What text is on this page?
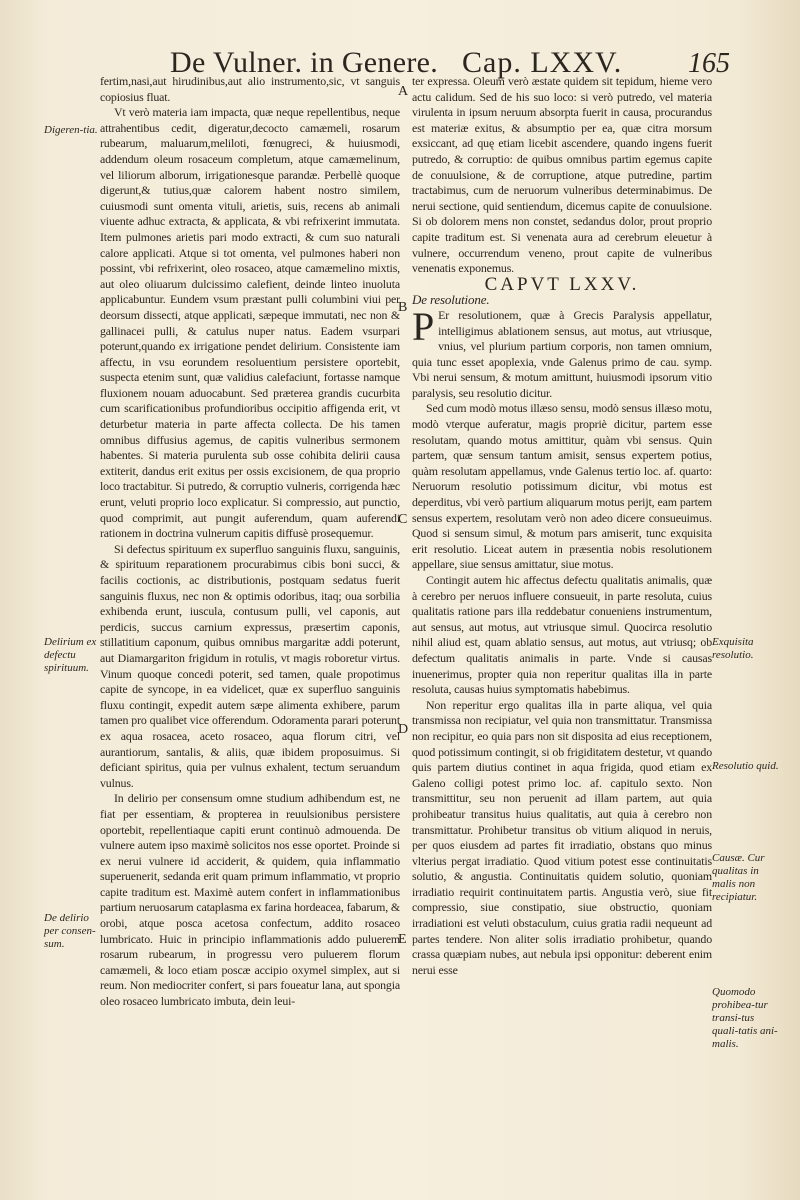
De Vulner. in Genere. Cap. LXXV. 165
A
B
C
D
E
Digeren-tia.
Delirium ex defectu spirituum.
De delirio per consen-sum.
Exquisita resolutio.
Resolutio quid.
Causæ. Cur qualitas in malis non recipiatur.
Quomodo prohibea-tur transi-tus quali-tatis ani-malis.

fertim,nasi,aut hirudinibus,aut alio instrumento,sic, vt sanguis copiosius fluat.

Vt verò materia iam impacta, quæ neque repellentibus, neque attrahentibus cedit, digeratur,decocto camæmeli, rosarum rubearum, maluarum,meliloti, fœnugreci, & huiusmodi, addendum oleum rosaceum completum, atque camæmelinum, vel liliorum alborum, irrigationesque parandæ. Perbellè quoque digerunt,& tutius,quæ calorem habent nostro similem, cuiusmodi sunt omenta vituli, arietis, suis, recens ab animali viuente adhuc extracta, & applicata, & vbi refrixerint immutata. Item pulmones arietis pari modo extracti, & cum suo naturali calore applicati. Atque si tot omenta, vel pulmones haberi non possint, vbi refrixerint, oleo rosaceo, atque camæmelino mixtis, aut oleo oliuarum dulcissimo calefient, deinde linteo inuoluta applicabuntur. Eundem vsum præstant pulli columbini viui per deorsum dissecti, atque applicati, sæpeque immutati, nec non & gallinacei pulli, & catulus nuper natus. Eadem vsurpari poterunt,quando ex irrigatione pendet delirium. Consistente iam affectu, in vsu eorundem resoluentium persistere oportebit, suspecta etenim sunt, quæ validius calefaciunt, fortasse namque fluxionem nouam aduocabunt. Sed præterea grandis cucurbita cum scarificationibus profundioribus occipitio affigenda erit, vt deturbetur materia in parte affecta collecta. De his tamen omnibus diffusius agemus, de capitis vulneribus sermonem habentes. Si materia purulenta sub osse cohibita delirii causa extiterit, dandus erit exitus per ossis excisionem, de qua proprio loco tractabitur. Si putredo, & corruptio vulneris, corrigenda hæc erunt, veluti proprio loco explicatur. Si compressio, aut punctio, quod comprimit, aut pungit auferendum, quam auferendi rationem in doctrina vulnerum capitis diffusè prosequemur.

Si defectus spirituum ex superfluo sanguinis fluxu, sanguinis, & spirituum reparationem procurabimus cibis boni succi, & facilis coctionis, ac distributionis, postquam sedatus fuerit sanguinis fluxus, nec non & optimis odoribus, itaq; oua sorbilia exhibenda erunt, iuscula, contusum pulli, vel caponis, aut perdicis, succus carnium expressus, præsertim caponis, stillatitium caponum, quibus omnibus margaritæ addi poterunt, aut Diamargariton frigidum in rotulis, vt magis roboretur virtus. Vinum quoque concedi poterit, sed tamen, quale propotimus capite de syncope, in ea videlicet, quæ ex superfluo sanguinis fluxu contingit, expedit autem sæpe alimenta exhibere, parum tamen pro qualibet vice offerendum. Odoramenta parari poterunt ex aqua rosacea, aceto rosaceo, aqua florum citri, vel aurantiorum, santalis, & aliis, quæ ibidem proposuimus. Si deficiant spiritus, quia per vulnus exhalent, tectum seruandum vulnus.

In delirio per consensum omne studium adhibendum est, ne fiat per essentiam, & propterea in reuulsionibus persistere oportebit, repellentiaque capiti erunt continuò admouenda. De vulnere autem ipso maximè solicitos nos esse oportet. Proinde si ex nerui vulnere id acciderit, & quidem, quia inflammatio superuenerit, sedanda erit quam primum inflammatio, vt proprio capite traditum est. Maximè autem confert in inflammationibus partium neruosarum cataplasma ex farina hordeacea, fabarum, & orobi, atque posca acetosa confectum, addito rosaceo lumbricato. Huic in principio inflammationis addo puluerem rosarum rubearum, in progressu vero puluerem florum camæmeli, & loco etiam poscæ accipio oxymel simplex, aut si reum. Non mediocriter confert, si pars foueatur lana, aut spongia oleo rosaceo lumbricato imbuta, dein leui-

ter expressa. Oleum verò æstate quidem sit tepidum, hieme vero actu calidum. Sed de his suo loco: si verò putredo, vel materia virulenta in ipsum neruum absorpta fuerit in causa, procurandus est materiæ exitus, & absumptio per ea, quæ citra morsum exsiccant, ad quę etiam licebit ascendere, quando ingens fuerit putredo, & corruptio: de quibus omnibus partim egemus capite de conuulsione, & de corruptione, atque putredine, partim tractabimus, cum de neruorum vulneribus determinabimus. De nerui sectione, quid sentiendum, dicemus capite de conuulsione. Si ob dolorem mens non constet, sedandus dolor, prout proprio capite traditum est. Si venenata aura ad cerebrum eleuetur à vulnere, occurrendum veneno, prout capite de vulneribus venenatis exponemus.

CAPVT LXXV.

De resolutione.

P Er resolutionem, quæ à Grecis Paralysis appellatur, intelligimus ablationem sensus, aut motus, aut vtriusque, vnius, vel plurium partium corporis, non tamen omnium, quia tunc esset apoplexia, vnde Galenus primo de cau. symp. Vbi nerui sensum, & motum amittunt, huiusmodi ipsorum vitio paralysis, seu resolutio dicitur.

Sed cum modò motus illæso sensu, modò sensus illæso motu, modò vterque auferatur, magis propriè dicitur, partem esse resolutam, quando motus amittitur, quàm vbi sensus. Quin partem, quæ sensum tantum amisit, sensus expertem potius, quàm resolutam appellamus, vnde Galenus tertio loc. af. quarto: Neruorum resolutio potissimum dicitur, vbi motus est deperditus, vbi verò partium aliquarum motus perijt, eam partem sensus expertem, resolutam verò non adeo dicere consueuimus. Quod si sensum simul, & motum pars amiserit, tunc exquisita erit resolutio. Liceat autem in præsentia nobis resolutionem appellare, siue sensus amittatur, siue motus.

Contingit autem hic affectus defectu qualitatis animalis, quæ à cerebro per neruos influere consueuit, in parte resoluta, cuius qualitatis ratione pars illa reddebatur conueniens instrumentum, aut sensus, aut motus, aut vtriusque simul. Quocirca resolutio nihil aliud est, quam ablatio sensus, aut motus, aut vtriusq; ob defectum qualitatis animalis in parte. Vnde si causas inuenerimus, propter quia non reperitur qualitas illa in parte resoluta, causas huius symptomatis habebimus.

Non reperitur ergo qualitas illa in parte aliqua, vel quia transmissa non recipiatur, vel quia non transmittatur. Transmissa non recipitur, eo quia pars non sit disposita ad eius receptionem, quod potissimum contingit, si ob frigiditatem destetur, vt quando quis partem diutius continet in aqua frigida, quod etiam ex Galeno colligi potest primo loc. af. capitulo sexto. Non transmittitur, seu non peruenit ad illam partem, aut quia prohibeatur transitus huius qualitatis, aut quia à cerebro non transmittatur. Prohibetur transitus ob vitium aliquod in neruis, per quos eiusdem ad partes fit irradiatio, obstans quo minus vlterius pergat irradiatio. Quod vitium potest esse continuitatis solutio, & angustia. Continuitatis quidem solutio, quoniam irradiatio requirit continuitatem partis. Angustia verò, siue fit compressio, siue constipatio, siue obstructio, quoniam irradiationi est veluti obstaculum, cuius gratia radii nequeunt ad partes tendere. Non aliter solis irradiatio prohibetur, quando crassa quæpiam nubes, aut nebula ipsi opponitur: deberent enim nerui esse
